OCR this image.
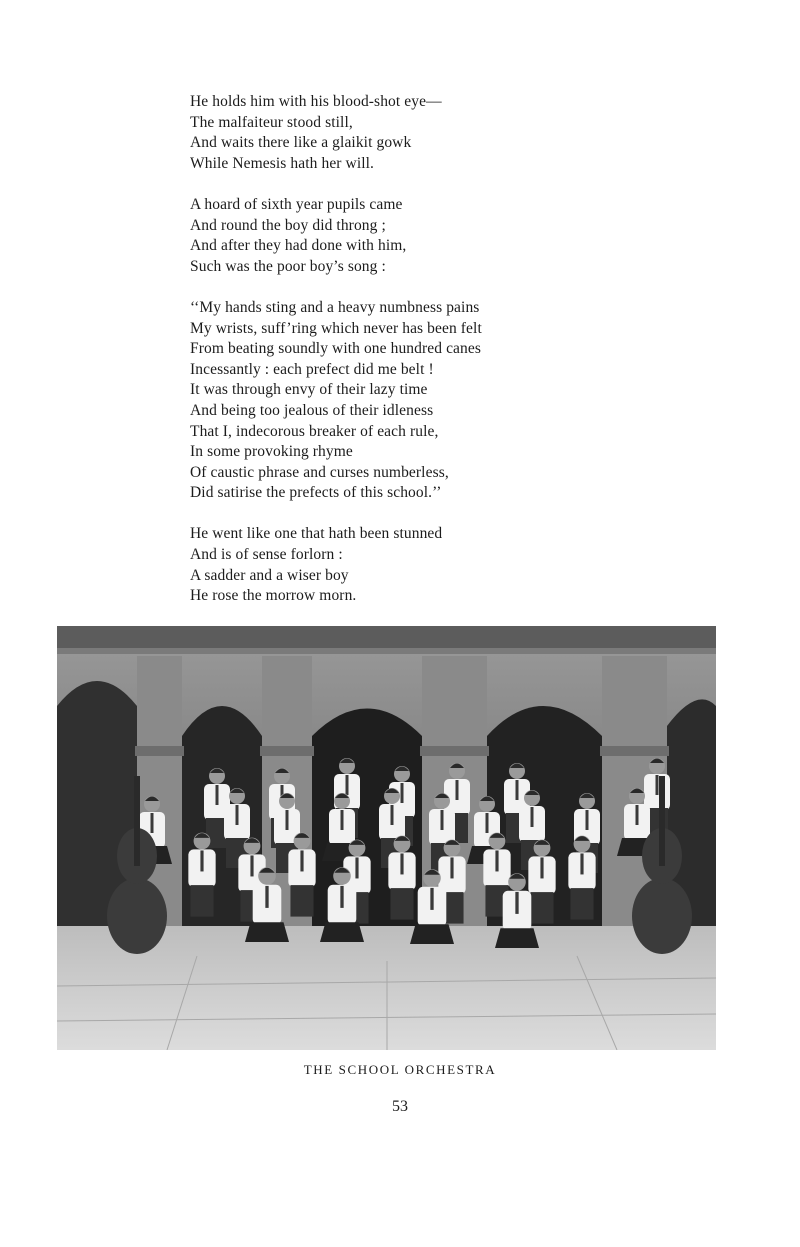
He holds him with his blood-shot eye—
The malfaiteur stood still,
And waits there like a glaikit gowk
While Nemesis hath her will.
A hoard of sixth year pupils came
And round the boy did throng ;
And after they had done with him,
Such was the poor boy’s song :
‘‘My hands sting and a heavy numbness pains
My wrists, suff’ring which never has been felt
From beating soundly with one hundred canes
Incessantly : each prefect did me belt !
It was through envy of their lazy time
And being too jealous of their idleness
That I, indecorous breaker of each rule,
In some provoking rhyme
Of caustic phrase and curses numberless,
Did satirise the prefects of this school.’’
He went like one that hath been stunned
And is of sense forlorn :
A sadder and a wiser boy
He rose the morrow morn.
THE SCHOOL ORCHESTRA
53
